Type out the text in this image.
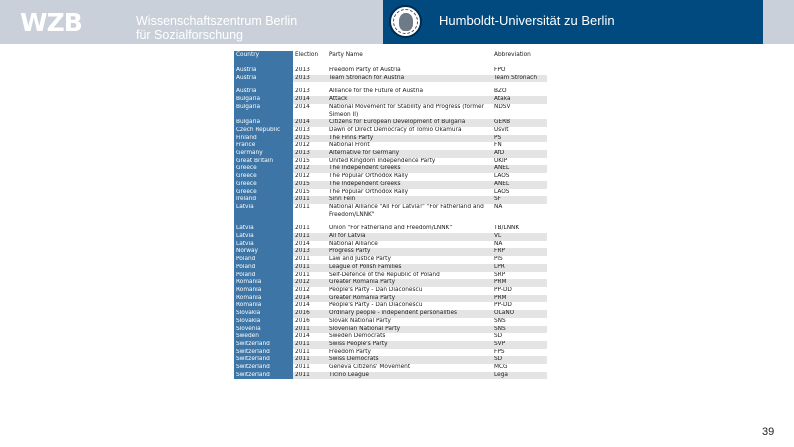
WZB	Wissenschaftszentrum Berlin
für Sozialforschung
Humboldt-Universität zu Berlin
Country	Election	Party Name	Abbreviation
Austria	2013	Freedom Party of Austria	FPÖ
Austria	2013	Team Stronach for Austria	Team Stronach

Austria	2013	Alliance for the Future of Austria	BZÖ
Bulgaria	2014	Attack	Ataka
Bulgaria	2014	National Movement for Stability and Progress (former Simeon II)	NDSV
Bulgaria	2014	Citizens for European Development of Bulgaria	GERB
Czech Republic	2013	Dawn of Direct Democracy of Tomio Okamura	Úsvit
Finland	2015	The Finns Party	PS
France	2012	National Front	FN
Germany	2013	Alternative for Germany	AfD
Great Britain	2015	United Kingdom Independence Party	UKIP
Greece	2012	The Independent Greeks	ANEL
Greece	2012	The Popular Orthodox Rally	LAOS
Greece	2015	The Independent Greeks	ANEL
Greece	2015	The Popular Orthodox Rally	LAOS
Ireland	2011	Sinn Fein	SF
Latvia	2011	National Alliance "All For Latvia!" "For Fatherland and Freedom/LNNK"	NA

Latvia	2011	Union "For Fatherland and Freedom/LNNK"	TB/LNNK
Latvia	2011	All for Latvia	VL
Latvia	2014	National Alliance	NA
Norway	2013	Progress Party	FRP
Poland	2011	Law and Justice Party	PiS
Poland	2011	League of Polish Families	LPR
Poland	2011	Self-Defence of the Republic of Poland	SRP
Romania	2012	Greater Romania Party	PRM
Romania	2012	People's Party - Dan Diaconescu	PP-DD
Romania	2014	Greater Romania Party	PRM
Romania	2014	People's Party - Dan Diaconescu	PP-DD
Slovakia	2016	Ordinary people - independent personalities	OLaNO
Slovakia	2016	Slovak National Party	SNS
Slovenia	2011	Slovenian National Party	SNS
Sweden	2014	Sweden Democrats	SD
Switzerland	2011	Swiss People's Party	SVP
Switzerland	2011	Freedom Party	FPS
Switzerland	2011	Swiss Democrats	SD
Switzerland	2011	Geneva Citizens' Movement	MCG
Switzerland	2011	Ticino League	Lega
39
